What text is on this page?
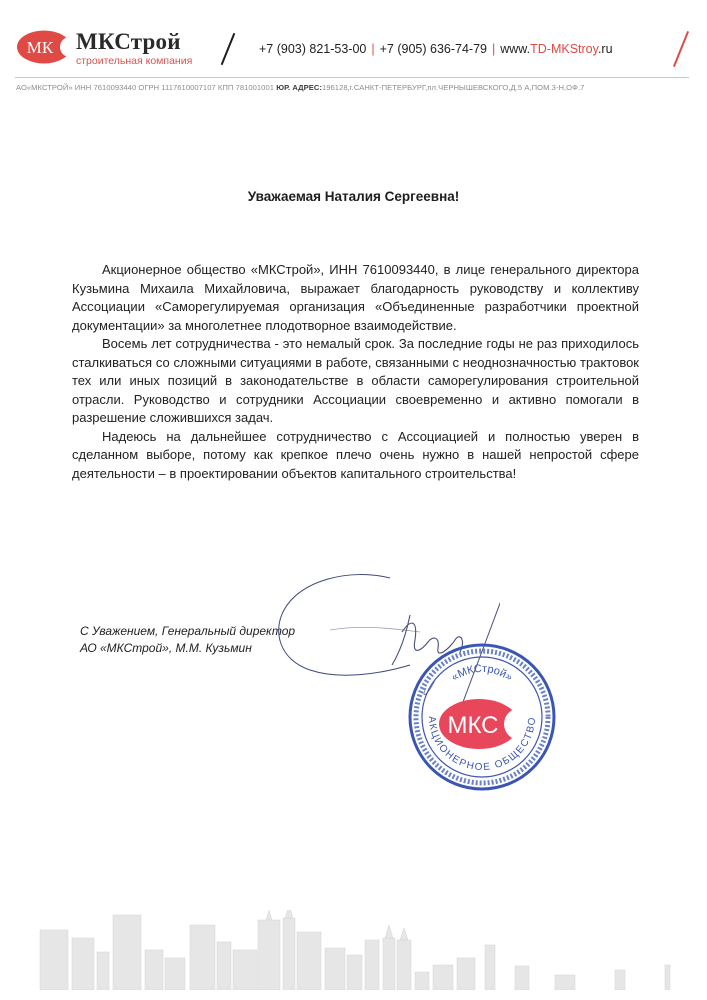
МК МКСтрой
строительная компания
+7 (903) 821-53-00 | +7 (905) 636-74-79 | www.TD-MKStroy.ru
АО«МКСТРОЙ» ИНН 7610093440 ОГРН 1117610007107 КПП 781001001 ЮР. АДРЕС:196128,г.САНКТ-ПЕТЕРБУРГ,пл.ЧЕРНЫШЕВСКОГО,Д.5 А,ПОМ.3-Н,ОФ.7
Уважаемая Наталия Сергеевна!

Акционерное общество «МКСтрой», ИНН 7610093440, в лице генерального директора Кузьмина Михаила Михайловича, выражает благодарность руководству и коллективу Ассоциации «Саморегулируемая организация «Объединенные разработчики проектной документации» за многолетнее плодотворное взаимодействие.

Восемь лет сотрудничества - это немалый срок. За последние годы не раз приходилось сталкиваться со сложными ситуациями в работе, связанными с неоднозначностью трактовок тех или иных позиций в законодательстве в области саморегулирования строительной отрасли. Руководство и сотрудники Ассоциации своевременно и активно помогали в разрешение сложившихся задач.

Надеюсь на дальнейшее сотрудничество с Ассоциацией и полностью уверен в сделанном выборе, потому как крепкое плечо очень нужно в нашей непростой сфере деятельности – в проектировании объектов капитального строительства!

С Уважением, Генеральный директор
АО «МКСтрой», М.М. Кузьмин
«МКСтрой»
МКС
АКЦИОНЕРНОЕ ОБЩЕСТВО
